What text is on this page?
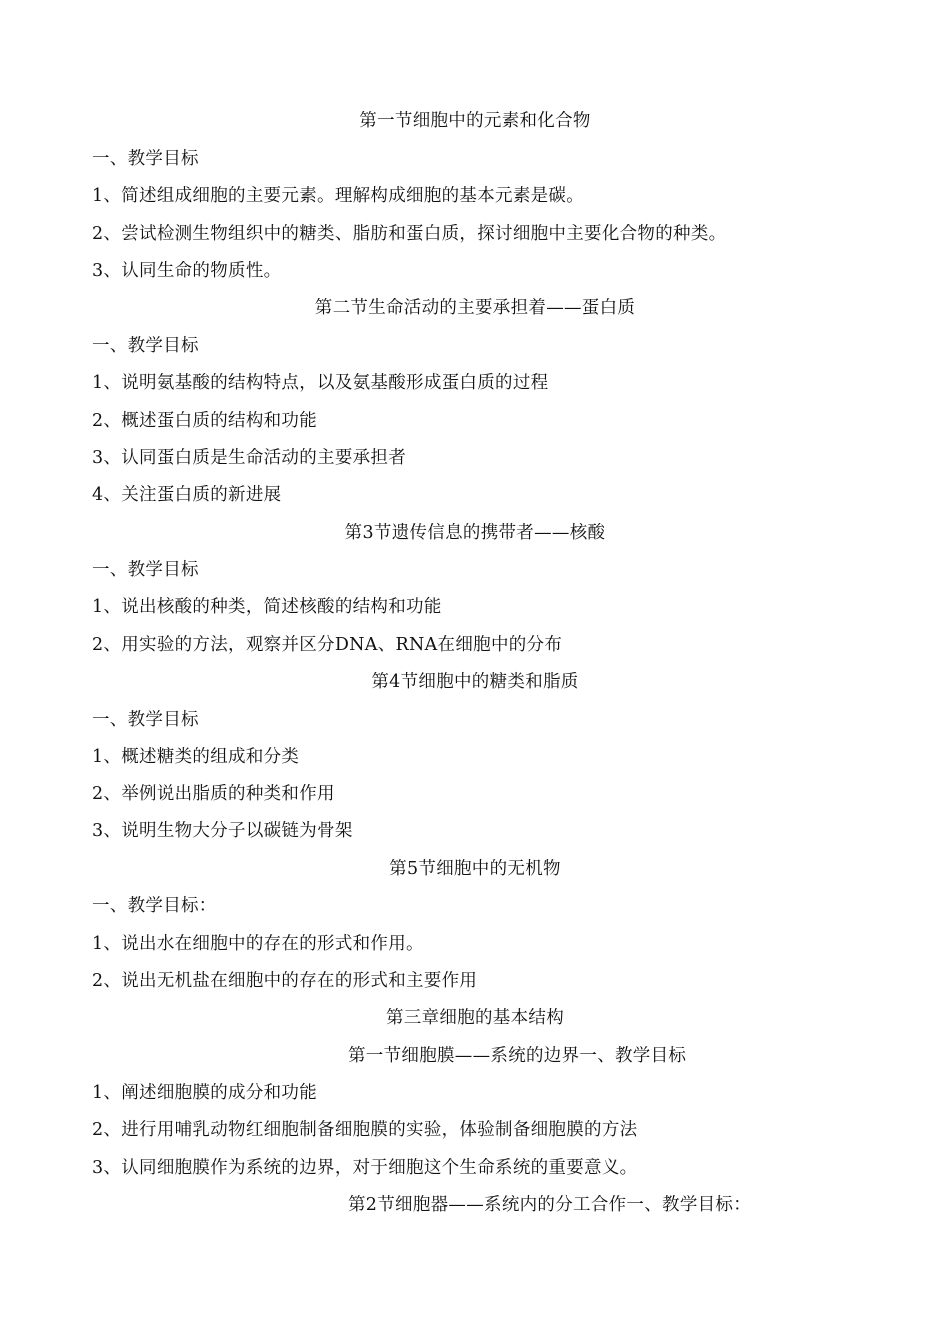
第一节细胞中的元素和化合物
一、教学目标
1、简述组成细胞的主要元素。理解构成细胞的基本元素是碳。
2、尝试检测生物组织中的糖类、脂肪和蛋白质，探讨细胞中主要化合物的种类。
3、认同生命的物质性。
第二节生命活动的主要承担着——蛋白质
一、教学目标
1、说明氨基酸的结构特点，以及氨基酸形成蛋白质的过程
2、概述蛋白质的结构和功能
3、认同蛋白质是生命活动的主要承担者
4、关注蛋白质的新进展
第3节遗传信息的携带者——核酸
一、教学目标
1、说出核酸的种类，简述核酸的结构和功能
2、用实验的方法，观察并区分DNA、RNA在细胞中的分布
第4节细胞中的糖类和脂质
一、教学目标
1、概述糖类的组成和分类
2、举例说出脂质的种类和作用
3、说明生物大分子以碳链为骨架
第5节细胞中的无机物
一、教学目标：
1、说出水在细胞中的存在的形式和作用。
2、说出无机盐在细胞中的存在的形式和主要作用
第三章细胞的基本结构
第一节细胞膜——系统的边界一、教学目标
1、阐述细胞膜的成分和功能
2、进行用哺乳动物红细胞制备细胞膜的实验，体验制备细胞膜的方法
3、认同细胞膜作为系统的边界，对于细胞这个生命系统的重要意义。
第2节细胞器——系统内的分工合作一、教学目标：
